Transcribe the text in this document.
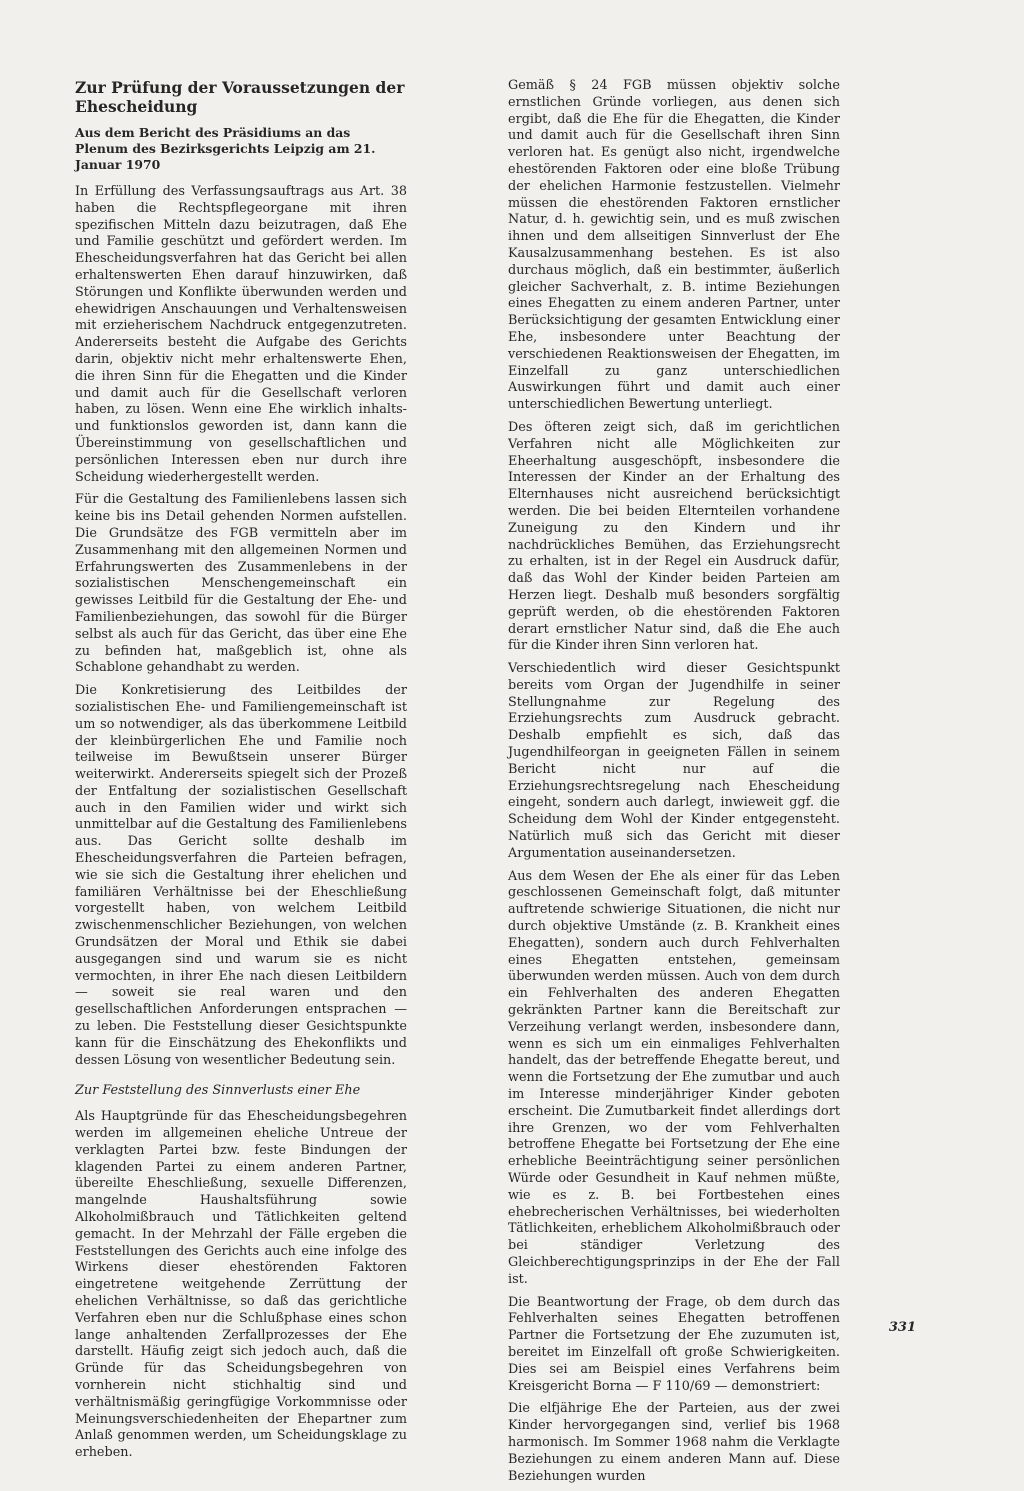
Zur Prüfung der Voraussetzungen der Ehescheidung
Aus dem Bericht des Präsidiums an das Plenum des Bezirksgerichts Leipzig am 21. Januar 1970

In Erfüllung des Verfassungsauftrags aus Art. 38 haben die Rechtspflegeorgane mit ihren spezifischen Mitteln dazu beizutragen, daß Ehe und Familie geschützt und gefördert werden. Im Ehescheidungsverfahren hat das Gericht bei allen erhaltenswerten Ehen darauf hinzuwirken, daß Störungen und Konflikte überwunden werden und ehewidrigen Anschauungen und Verhaltensweisen mit erzieherischem Nachdruck entgegenzutreten. Andererseits besteht die Aufgabe des Gerichts darin, objektiv nicht mehr erhaltenswerte Ehen, die ihren Sinn für die Ehegatten und die Kinder und damit auch für die Gesellschaft verloren haben, zu lösen. Wenn eine Ehe wirklich inhalts- und funktionslos geworden ist, dann kann die Übereinstimmung von gesellschaftlichen und persönlichen Interessen eben nur durch ihre Scheidung wiederhergestellt werden.

Für die Gestaltung des Familienlebens lassen sich keine bis ins Detail gehenden Normen aufstellen. Die Grundsätze des FGB vermitteln aber im Zusammenhang mit den allgemeinen Normen und Erfahrungswerten des Zusammenlebens in der sozialistischen Menschengemeinschaft ein gewisses Leitbild für die Gestaltung der Ehe- und Familienbeziehungen, das sowohl für die Bürger selbst als auch für das Gericht, das über eine Ehe zu befinden hat, maßgeblich ist, ohne als Schablone gehandhabt zu werden.

Die Konkretisierung des Leitbildes der sozialistischen Ehe- und Familiengemeinschaft ist um so notwendiger, als das überkommene Leitbild der kleinbürgerlichen Ehe und Familie noch teilweise im Bewußtsein unserer Bürger weiterwirkt. Andererseits spiegelt sich der Prozeß der Entfaltung der sozialistischen Gesellschaft auch in den Familien wider und wirkt sich unmittelbar auf die Gestaltung des Familienlebens aus. Das Gericht sollte deshalb im Ehescheidungsverfahren die Parteien befragen, wie sie sich die Gestaltung ihrer ehelichen und familiären Verhältnisse bei der Eheschließung vorgestellt haben, von welchem Leitbild zwischenmenschlicher Beziehungen, von welchen Grundsätzen der Moral und Ethik sie dabei ausgegangen sind und warum sie es nicht vermochten, in ihrer Ehe nach diesen Leitbildern — soweit sie real waren und den gesellschaftlichen Anforderungen entsprachen — zu leben. Die Feststellung dieser Gesichtspunkte kann für die Einschätzung des Ehekonflikts und dessen Lösung von wesentlicher Bedeutung sein.

Zur Feststellung des Sinnverlusts einer Ehe

Als Hauptgründe für das Ehescheidungsbegehren werden im allgemeinen eheliche Untreue der verklagten Partei bzw. feste Bindungen der klagenden Partei zu einem anderen Partner, übereilte Eheschließung, sexuelle Differenzen, mangelnde Haushaltsführung sowie Alkoholmißbrauch und Tätlichkeiten geltend gemacht. In der Mehrzahl der Fälle ergeben die Feststellungen des Gerichts auch eine infolge des Wirkens dieser ehestörenden Faktoren eingetretene weitgehende Zerrüttung der ehelichen Verhältnisse, so daß das gerichtliche Verfahren eben nur die Schlußphase eines schon lange anhaltenden Zerfallprozesses der Ehe darstellt. Häufig zeigt sich jedoch auch, daß die Gründe für das Scheidungsbegehren von vornherein nicht stichhaltig sind und verhältnismäßig geringfügige Vorkommnisse oder Meinungsverschiedenheiten der Ehepartner zum Anlaß genommen werden, um Scheidungsklage zu erheben.

Gemäß § 24 FGB müssen objektiv solche ernstlichen Gründe vorliegen, aus denen sich ergibt, daß die Ehe für die Ehegatten, die Kinder und damit auch für die Gesellschaft ihren Sinn verloren hat. Es genügt also nicht, irgendwelche ehestörenden Faktoren oder eine bloße Trübung der ehelichen Harmonie festzustellen. Vielmehr müssen die ehestörenden Faktoren ernstlicher Natur, d. h. gewichtig sein, und es muß zwischen ihnen und dem allseitigen Sinnverlust der Ehe Kausalzusammenhang bestehen. Es ist also durchaus möglich, daß ein bestimmter, äußerlich gleicher Sachverhalt, z. B. intime Beziehungen eines Ehegatten zu einem anderen Partner, unter Berücksichtigung der gesamten Entwicklung einer Ehe, insbesondere unter Beachtung der verschiedenen Reaktionsweisen der Ehegatten, im Einzelfall zu ganz unterschiedlichen Auswirkungen führt und damit auch einer unterschiedlichen Bewertung unterliegt.

Des öfteren zeigt sich, daß im gerichtlichen Verfahren nicht alle Möglichkeiten zur Eheerhaltung ausgeschöpft, insbesondere die Interessen der Kinder an der Erhaltung des Elternhauses nicht ausreichend berücksichtigt werden. Die bei beiden Elternteilen vorhandene Zuneigung zu den Kindern und ihr nachdrückliches Bemühen, das Erziehungsrecht zu erhalten, ist in der Regel ein Ausdruck dafür, daß das Wohl der Kinder beiden Parteien am Herzen liegt. Deshalb muß besonders sorgfältig geprüft werden, ob die ehestörenden Faktoren derart ernstlicher Natur sind, daß die Ehe auch für die Kinder ihren Sinn verloren hat.

Verschiedentlich wird dieser Gesichtspunkt bereits vom Organ der Jugendhilfe in seiner Stellungnahme zur Regelung des Erziehungsrechts zum Ausdruck gebracht. Deshalb empfiehlt es sich, daß das Jugendhilfeorgan in geeigneten Fällen in seinem Bericht nicht nur auf die Erziehungsrechtsregelung nach Ehescheidung eingeht, sondern auch darlegt, inwieweit ggf. die Scheidung dem Wohl der Kinder entgegensteht. Natürlich muß sich das Gericht mit dieser Argumentation auseinandersetzen.

Aus dem Wesen der Ehe als einer für das Leben geschlossenen Gemeinschaft folgt, daß mitunter auftretende schwierige Situationen, die nicht nur durch objektive Umstände (z. B. Krankheit eines Ehegatten), sondern auch durch Fehlverhalten eines Ehegatten entstehen, gemeinsam überwunden werden müssen. Auch von dem durch ein Fehlverhalten des anderen Ehegatten gekränkten Partner kann die Bereitschaft zur Verzeihung verlangt werden, insbesondere dann, wenn es sich um ein einmaliges Fehlverhalten handelt, das der betreffende Ehegatte bereut, und wenn die Fortsetzung der Ehe zumutbar und auch im Interesse minderjähriger Kinder geboten erscheint. Die Zumutbarkeit findet allerdings dort ihre Grenzen, wo der vom Fehlverhalten betroffene Ehegatte bei Fortsetzung der Ehe eine erhebliche Beeinträchtigung seiner persönlichen Würde oder Gesundheit in Kauf nehmen müßte, wie es z. B. bei Fortbestehen eines ehebrecherischen Verhältnisses, bei wiederholten Tätlichkeiten, erheblichem Alkoholmißbrauch oder bei ständiger Verletzung des Gleichberechtigungsprinzips in der Ehe der Fall ist.

Die Beantwortung der Frage, ob dem durch das Fehlverhalten seines Ehegatten betroffenen Partner die Fortsetzung der Ehe zuzumuten ist, bereitet im Einzelfall oft große Schwierigkeiten. Dies sei am Beispiel eines Verfahrens beim Kreisgericht Borna — F 110/69 — demonstriert:

Die elfjährige Ehe der Parteien, aus der zwei Kinder hervorgegangen sind, verlief bis 1968 harmonisch. Im Sommer 1968 nahm die Verklagte Beziehungen zu einem anderen Mann auf. Diese Beziehungen wurden

331
